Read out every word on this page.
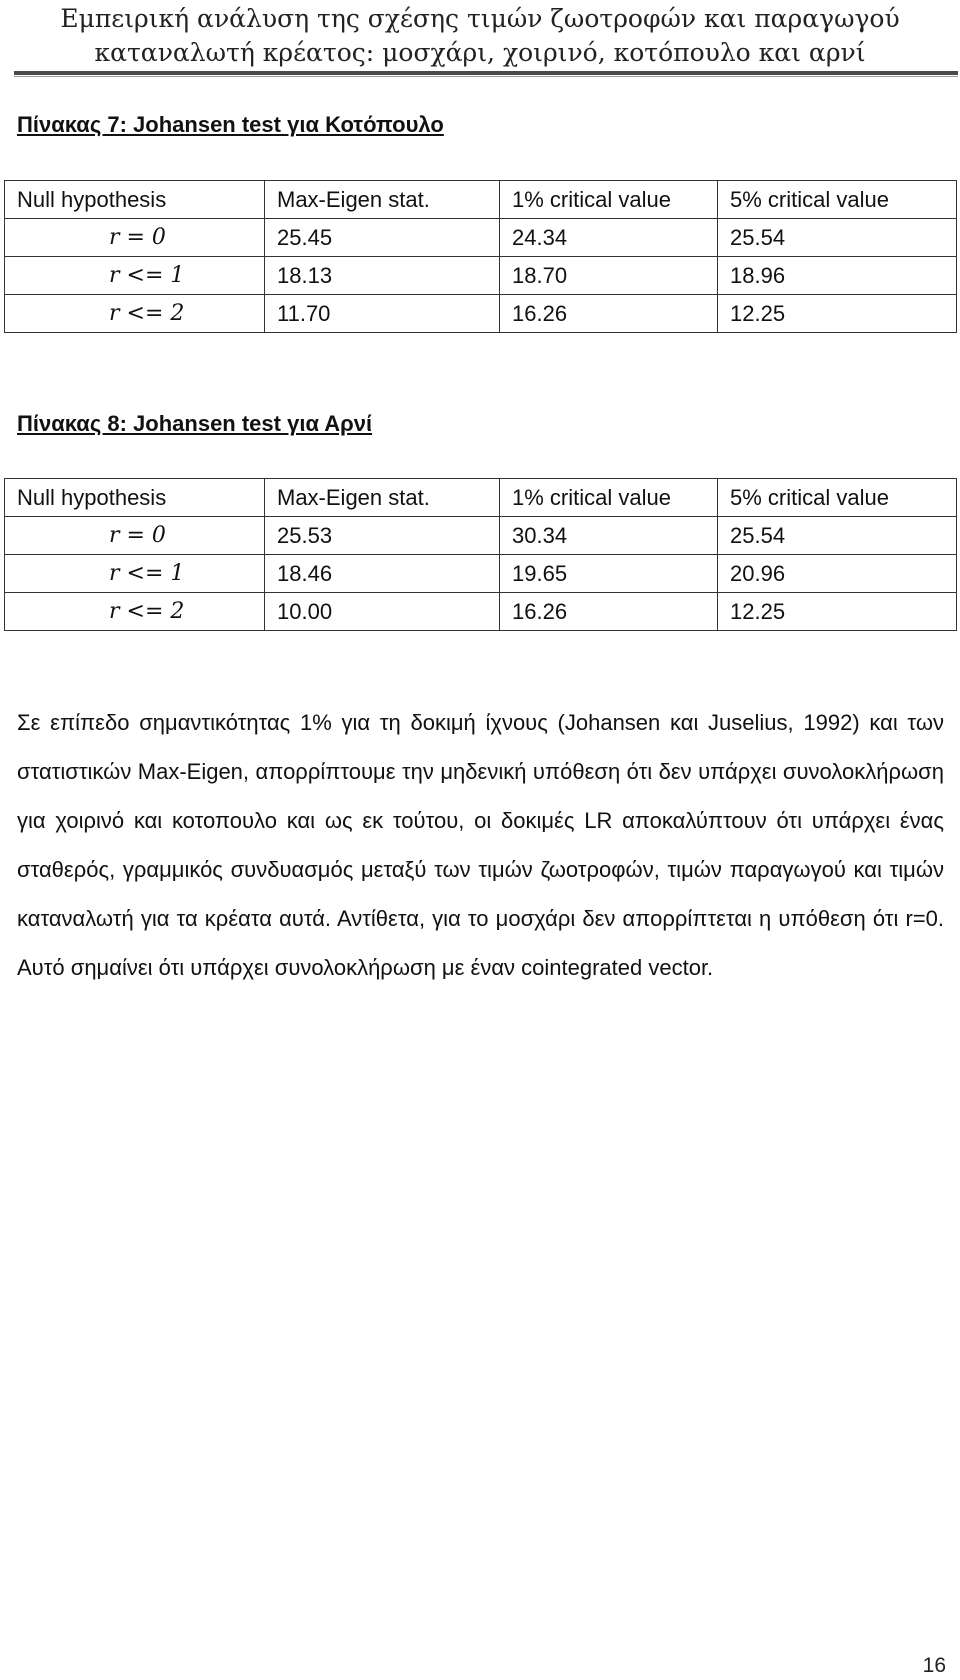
Εμπειρική ανάλυση της σχέσης τιμών ζωοτροφών και παραγωγού
καταναλωτή κρέατος: μοσχάρι, χοιρινό, κοτόπουλο και αρνί
Πίνακας 7: Johansen test για Κοτόπουλο
Null hypothesis	Max-Eigen stat.	1% critical value	5% critical value
r = 0	25.45	24.34	25.54
r <= 1	18.13	18.70	18.96
r <= 2	11.70	16.26	12.25
Πίνακας 8: Johansen test για Αρνί
Null hypothesis	Max-Eigen stat.	1% critical value	5% critical value
r = 0	25.53	30.34	25.54
r <= 1	18.46	19.65	20.96
r <= 2	10.00	16.26	12.25

Σε επίπεδο σημαντικότητας 1% για τη δοκιμή ίχνους (Johansen και Juselius, 1992) και των στατιστικών Max-Eigen, απορρίπτουμε την μηδενική υπόθεση ότι δεν υπάρχει συνολοκλήρωση για χοιρινό και κοτοπουλο και ως εκ τούτου, οι δοκιμές LR αποκαλύπτουν ότι υπάρχει ένας σταθερός, γραμμικός συνδυασμός μεταξύ των τιμών ζωοτροφών, τιμών παραγωγού και τιμών καταναλωτή για τα κρέατα αυτά. Αντίθετα, για το μοσχάρι δεν απορρίπτεται η υπόθεση ότι r=0. Αυτό σημαίνει ότι υπάρχει συνολοκλήρωση με έναν cointegrated vector.

16
